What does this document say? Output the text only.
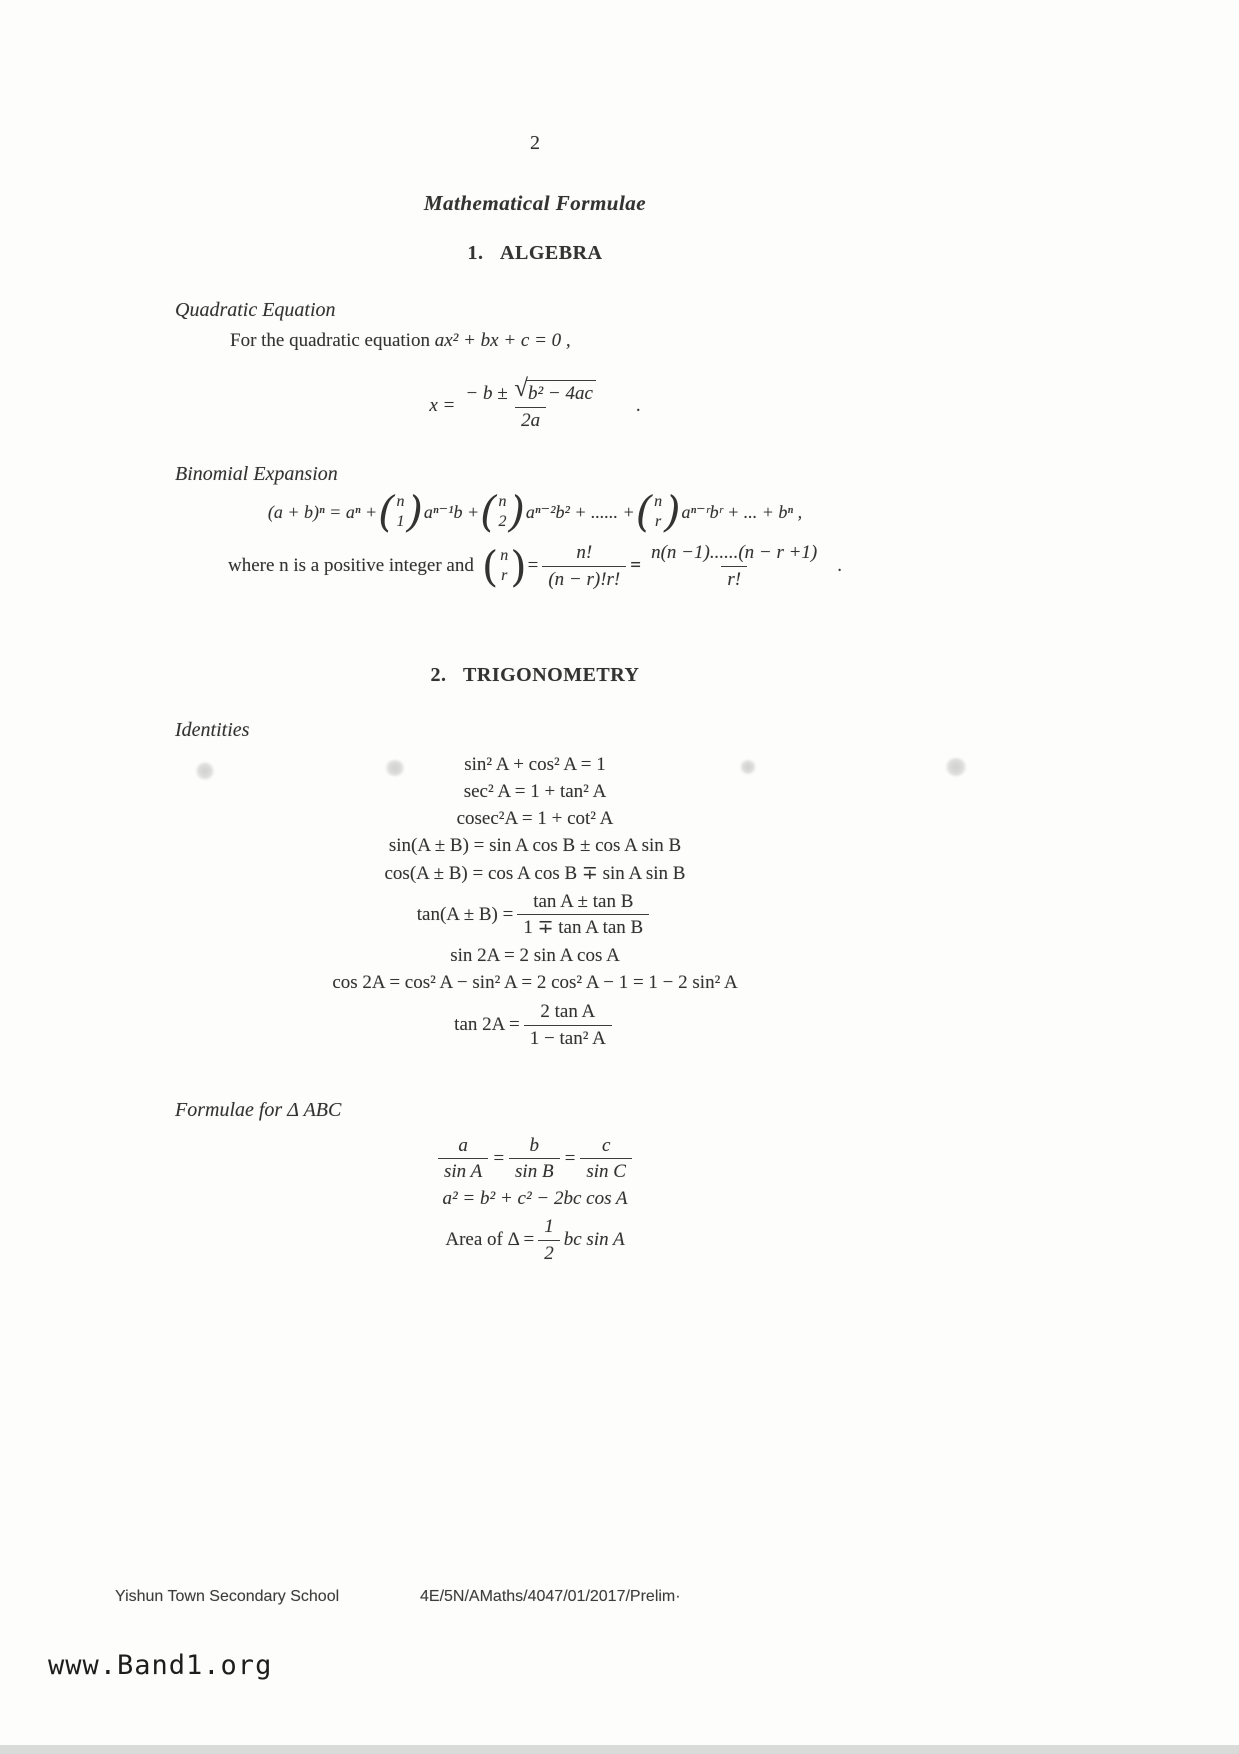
2
Mathematical Formulae
1.   ALGEBRA
Quadratic Equation
For the quadratic equation ax² + bx + c = 0 ,
$x = \frac{\text{− b ± √ b² − 4ac}}{2a}$ .
Binomial Expansion
(a + b)ⁿ = aⁿ + ( n
1 ) aⁿ⁻¹b + ( n
2 ) aⁿ⁻²b² + ...... + ( n
r ) aⁿ⁻ʳbʳ + ... + bⁿ ,
where n is a positive integer and ( n
r ) = $\frac{n!}{(n - r)!r!} = \frac{n(n -1)......(n - r +1)}{r!}$ .
2.   TRIGONOMETRY
Identities
sin² A + cos² A = 1
sec² A = 1 + tan² A
cosec²A = 1 + cot² A
sin(A ± B) = sin A cos B ± cos A sin B
cos(A ± B) = cos A cos B ∓ sin A sin B
$\tan(A \pm B) = \frac{\text{tan A ± tan B}}{\text{1 ∓ tan A tan B}}$
sin 2A = 2 sin A cos A
cos 2A = cos² A − sin² A = 2 cos² A − 1 = 1 − 2 sin² A
$\tan 2A = \frac{\text{2 tan A}}{\text{1 − tan² A}}$
Formulae for Δ ABC
$\frac{a}{\text{sin A}} = \frac{b}{\text{sin B}} = \frac{c}{\text{sin C}}$
a² = b² + c² − 2bc cos A
Area of $\Delta = \frac{1}{2}$ bc sin A
Yishun Town Secondary School	4E/5N/AMaths/4047/01/2017/Prelim·
www.Band1.org
